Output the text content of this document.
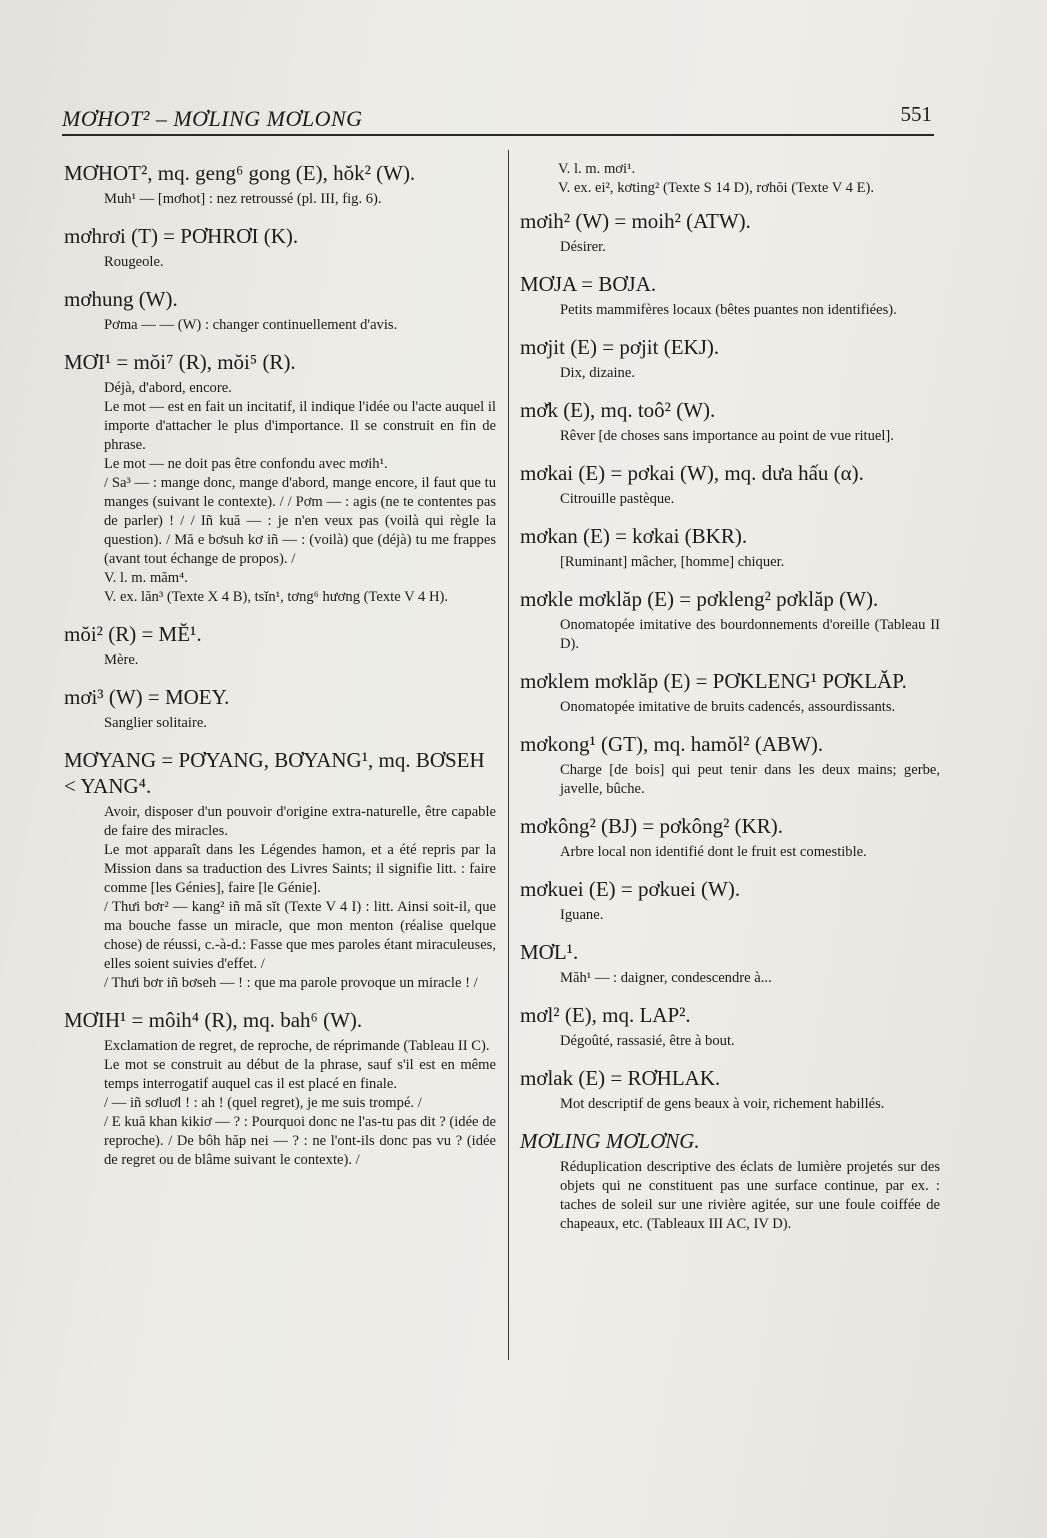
MƠHOT² – MƠLING MƠLONG	551
MƠHOT², mq. geng⁶ gong (E), hŏk² (W).

Muh¹ — [mơhot] : nez retroussé (pl. III, fig. 6).

mơhrơi (T) = PƠHRƠI (K).

Rougeole.

mơhung (W).

Pơma — — (W) : changer continuellement d'avis.

MƠI¹ = mŏi⁷ (R), mŏi⁵ (R).

Déjà, d'abord, encore.

Le mot — est en fait un incitatif, il indique l'idée ou l'acte auquel il importe d'attacher le plus d'importance. Il se construit en fin de phrase.

Le mot — ne doit pas être confondu avec mơih¹.

/ Sa³ — : mange donc, mange d'abord, mange encore, il faut que tu manges (suivant le contexte). / / Pơm — : agis (ne te contentes pas de parler) ! / / Iñ kuă — : je n'en veux pas (voilà qui règle la question). / Mă e bơsuh kơ iñ — : (voilà) que (déjà) tu me frappes (avant tout échange de propos). /

V. l. m. măm⁴.

V. ex. lăn³ (Texte X 4 B), tsĭn¹, tơng⁶ hương (Texte V 4 H).

mŏi² (R) = MĔ¹.

Mère.

mơi³ (W) = MOEY.

Sanglier solitaire.

MƠYANG = PƠYANG, BƠYANG¹, mq. BƠSEH < YANG⁴.

Avoir, disposer d'un pouvoir d'origine extra-naturelle, être capable de faire des miracles.

Le mot apparaît dans les Légendes hamon, et a été repris par la Mission dans sa traduction des Livres Saints; il signifie litt. : faire comme [les Génies], faire [le Génie].

/ Thưi bơr² — kang² iñ mă sĭt (Texte V 4 I) : litt. Ainsi soit-il, que ma bouche fasse un miracle, que mon menton (réalise quelque chose) de réussi, c.-à-d.: Fasse que mes paroles étant miraculeuses, elles soient suivies d'effet. /

/ Thưi bơr iñ bơseh — ! : que ma parole provoque un miracle ! /

MƠIH¹ = môih⁴ (R), mq. bah⁶ (W).

Exclamation de regret, de reproche, de réprimande (Tableau II C).

Le mot se construit au début de la phrase, sauf s'il est en même temps interrogatif auquel cas il est placé en finale.

/ — iñ sơluơl ! : ah ! (quel regret), je me suis trompé. /

/ E kuă khan kikiơ — ? : Pourquoi donc ne l'as-tu pas dit ? (idée de reproche). / De bôh hăp nei — ? : ne l'ont-ils donc pas vu ? (idée de regret ou de blâme suivant le contexte). /

V. l. m. mơi¹.

V. ex. ei², kơting² (Texte S 14 D), rơhŏi (Texte V 4 E).

mơih² (W) = moih² (ATW).

Désirer.

MƠJA = BƠJA.

Petits mammifères locaux (bêtes puantes non identifiées).

mơjit (E) = pơjit (EKJ).

Dix, dizaine.

mơ̆k (E), mq. toô² (W).

Rêver [de choses sans importance au point de vue rituel].

mơkai (E) = pơkai (W), mq. dưa hấu (α).

Citrouille pastèque.

mơkan (E) = kơkai (BKR).

[Ruminant] mâcher, [homme] chiquer.

mơkle mơklăp (E) = pơkleng² pơklăp (W).

Onomatopée imitative des bourdonnements d'oreille (Tableau II D).

mơklem mơklăp (E) = PƠKLENG¹ PƠKLĂP.

Onomatopée imitative de bruits cadencés, assourdissants.

mơkong¹ (GT), mq. hamŏl² (ABW).

Charge [de bois] qui peut tenir dans les deux mains; gerbe, javelle, bûche.

mơkông² (BJ) = pơkông² (KR).

Arbre local non identifié dont le fruit est comestible.

mơkuei (E) = pơkuei (W).

Iguane.

MƠL¹.

Măh¹ — : daigner, condescendre à...

mơl² (E), mq. LAP².

Dégoûté, rassasié, être à bout.

mơlak (E) = RƠHLAK.

Mot descriptif de gens beaux à voir, richement habillés.

MƠLING MƠLƠNG.

Réduplication descriptive des éclats de lumière projetés sur des objets qui ne constituent pas une surface continue, par ex. : taches de soleil sur une rivière agitée, sur une foule coiffée de chapeaux, etc. (Tableaux III AC, IV D).
